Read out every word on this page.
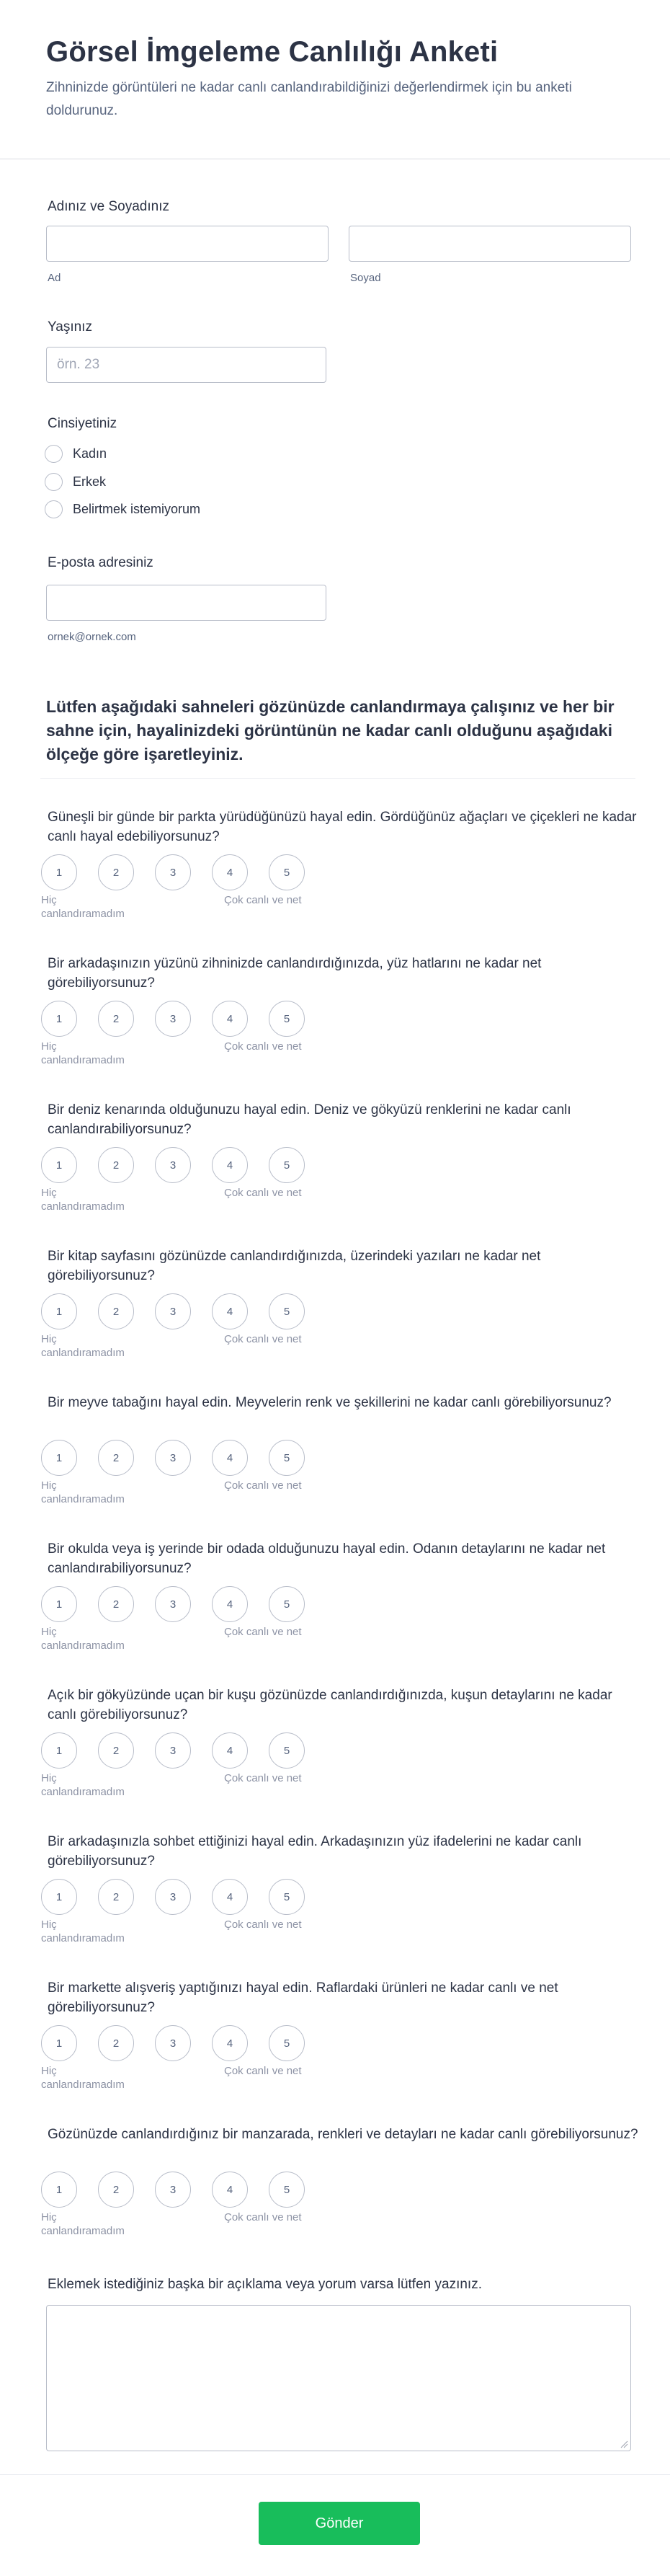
Görsel İmgeleme Canlılığı Anketi

Zihninizde görüntüleri ne kadar canlı canlandırabildiğinizi değerlendirmek için bu anketi doldurunuz.

Adınız ve Soyadınız
Ad	Soyad
Yaşınız
örn. 23
Cinsiyetiniz
Kadın
Erkek
Belirtmek istemiyorum
E-posta adresiniz
ornek@ornek.com
Lütfen aşağıdaki sahneleri gözünüzde canlandırmaya çalışınız ve her bir sahne için, hayalinizdeki görüntünün ne kadar canlı olduğunu aşağıdaki ölçeğe göre işaretleyiniz.
Güneşli bir günde bir parkta yürüdüğünüzü hayal edin. Gördüğünüz ağaçları ve çiçekleri ne kadar canlı hayal edebiliyorsunuz?
1	2	3	4	5
Hiç canlandıramadım
Çok canlı ve net
Bir arkadaşınızın yüzünü zihninizde canlandırdığınızda, yüz hatlarını ne kadar net görebiliyorsunuz?
1	2	3	4	5
Hiç canlandıramadım
Çok canlı ve net
Bir deniz kenarında olduğunuzu hayal edin. Deniz ve gökyüzü renklerini ne kadar canlı canlandırabiliyorsunuz?
1	2	3	4	5
Hiç canlandıramadım
Çok canlı ve net
Bir kitap sayfasını gözünüzde canlandırdığınızda, üzerindeki yazıları ne kadar net görebiliyorsunuz?
1	2	3	4	5
Hiç canlandıramadım
Çok canlı ve net
Bir meyve tabağını hayal edin. Meyvelerin renk ve şekillerini ne kadar canlı görebiliyorsunuz?
1	2	3	4	5
Hiç canlandıramadım
Çok canlı ve net
Bir okulda veya iş yerinde bir odada olduğunuzu hayal edin. Odanın detaylarını ne kadar net canlandırabiliyorsunuz?
1	2	3	4	5
Hiç canlandıramadım
Çok canlı ve net
Açık bir gökyüzünde uçan bir kuşu gözünüzde canlandırdığınızda, kuşun detaylarını ne kadar canlı görebiliyorsunuz?
1	2	3	4	5
Hiç canlandıramadım
Çok canlı ve net
Bir arkadaşınızla sohbet ettiğinizi hayal edin. Arkadaşınızın yüz ifadelerini ne kadar canlı görebiliyorsunuz?
1	2	3	4	5
Hiç canlandıramadım
Çok canlı ve net
Bir markette alışveriş yaptığınızı hayal edin. Raflardaki ürünleri ne kadar canlı ve net görebiliyorsunuz?
1	2	3	4	5
Hiç canlandıramadım
Çok canlı ve net
Gözünüzde canlandırdığınız bir manzarada, renkleri ve detayları ne kadar canlı görebiliyorsunuz?
1	2	3	4	5
Hiç canlandıramadım
Çok canlı ve net
Eklemek istediğiniz başka bir açıklama veya yorum varsa lütfen yazınız.
Gönder
